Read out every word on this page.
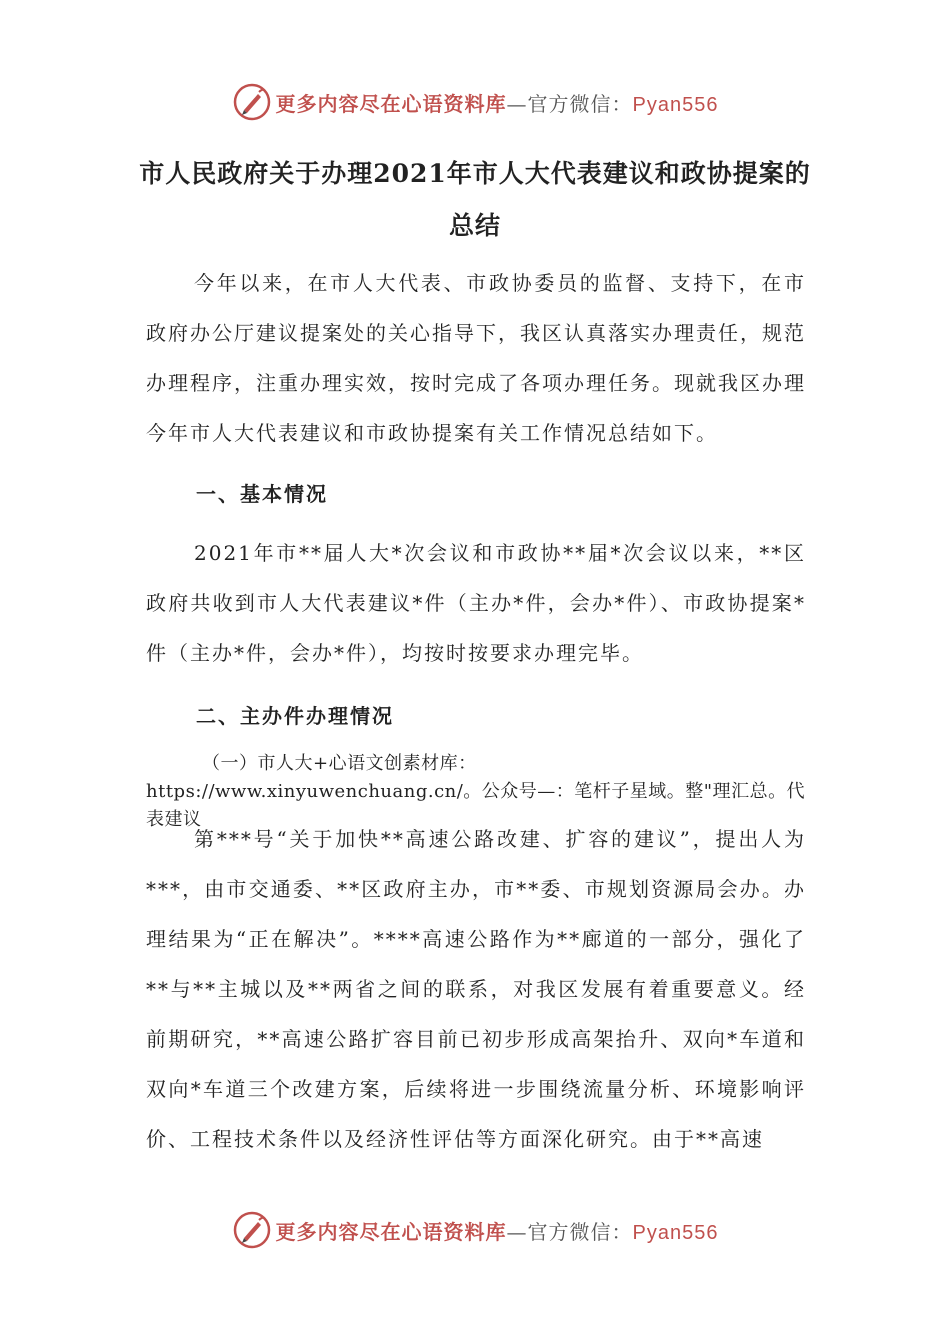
更多内容尽在心语资料库—官方微信：Pyan556
市人民政府关于办理2021年市人大代表建议和政协提案的总结

今年以来，在市人大代表、市政协委员的监督、支持下，在市政府办公厅建议提案处的关心指导下，我区认真落实办理责任，规范办理程序，注重办理实效，按时完成了各项办理任务。现就我区办理今年市人大代表建议和市政协提案有关工作情况总结如下。

一、基本情况

2021年市**届人大*次会议和市政协**届*次会议以来，**区政府共收到市人大代表建议*件（主办*件，会办*件）、市政协提案*件（主办*件，会办*件），均按时按要求办理完毕。

二、主办件办理情况

（一）市人大+心语文创素材库：https://www.xinyuwenchuang.cn/。公众号—：笔杆子星域。整"理汇总。代表建议

第***号“关于加快**高速公路改建、扩容的建议”，提出人为***，由市交通委、**区政府主办，市**委、市规划资源局会办。办理结果为“正在解决”。****高速公路作为**廊道的一部分，强化了**与**主城以及**两省之间的联系，对我区发展有着重要意义。经前期研究，**高速公路扩容目前已初步形成高架抬升、双向*车道和双向*车道三个改建方案，后续将进一步围绕流量分析、环境影响评价、工程技术条件以及经济性评估等方面深化研究。由于**高速

更多内容尽在心语资料库—官方微信：Pyan556
